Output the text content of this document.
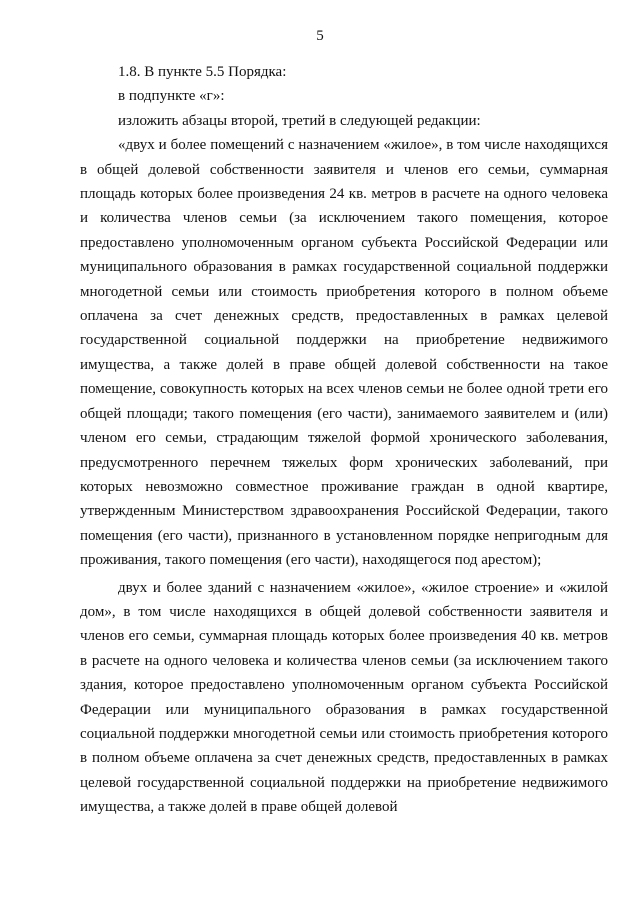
5

1.8. В пункте 5.5 Порядка:

в подпункте «г»:

изложить абзацы второй, третий в следующей редакции:

«двух и более помещений с назначением «жилое», в том числе находящихся в общей долевой собственности заявителя и членов его семьи, суммарная площадь которых более произведения 24 кв. метров в расчете на одного человека и количества членов семьи (за исключением такого помещения, которое предоставлено уполномоченным органом субъекта Российской Федерации или муниципального образования в рамках государственной социальной поддержки многодетной семьи или стоимость приобретения которого в полном объеме оплачена за счет денежных средств, предоставленных в рамках целевой государственной социальной поддержки на приобретение недвижимого имущества, а также долей в праве общей долевой собственности на такое помещение, совокупность которых на всех членов семьи не более одной трети его общей площади; такого помещения (его части), занимаемого заявителем и (или) членом его семьи, страдающим тяжелой формой хронического заболевания, предусмотренного перечнем тяжелых форм хронических заболеваний, при которых невозможно совместное проживание граждан в одной квартире, утвержденным Министерством здравоохранения Российской Федерации, такого помещения (его части), признанного в установленном порядке непригодным для проживания, такого помещения (его части), находящегося под арестом);

двух и более зданий с назначением «жилое», «жилое строение» и «жилой дом», в том числе находящихся в общей долевой собственности заявителя и членов его семьи, суммарная площадь которых более произведения 40 кв. метров в расчете на одного человека и количества членов семьи (за исключением такого здания, которое предоставлено уполномоченным органом субъекта Российской Федерации или муниципального образования в рамках государственной социальной поддержки многодетной семьи или стоимость приобретения которого в полном объеме оплачена за счет денежных средств, предоставленных в рамках целевой государственной социальной поддержки на приобретение недвижимого имущества, а также долей в праве общей долевой
